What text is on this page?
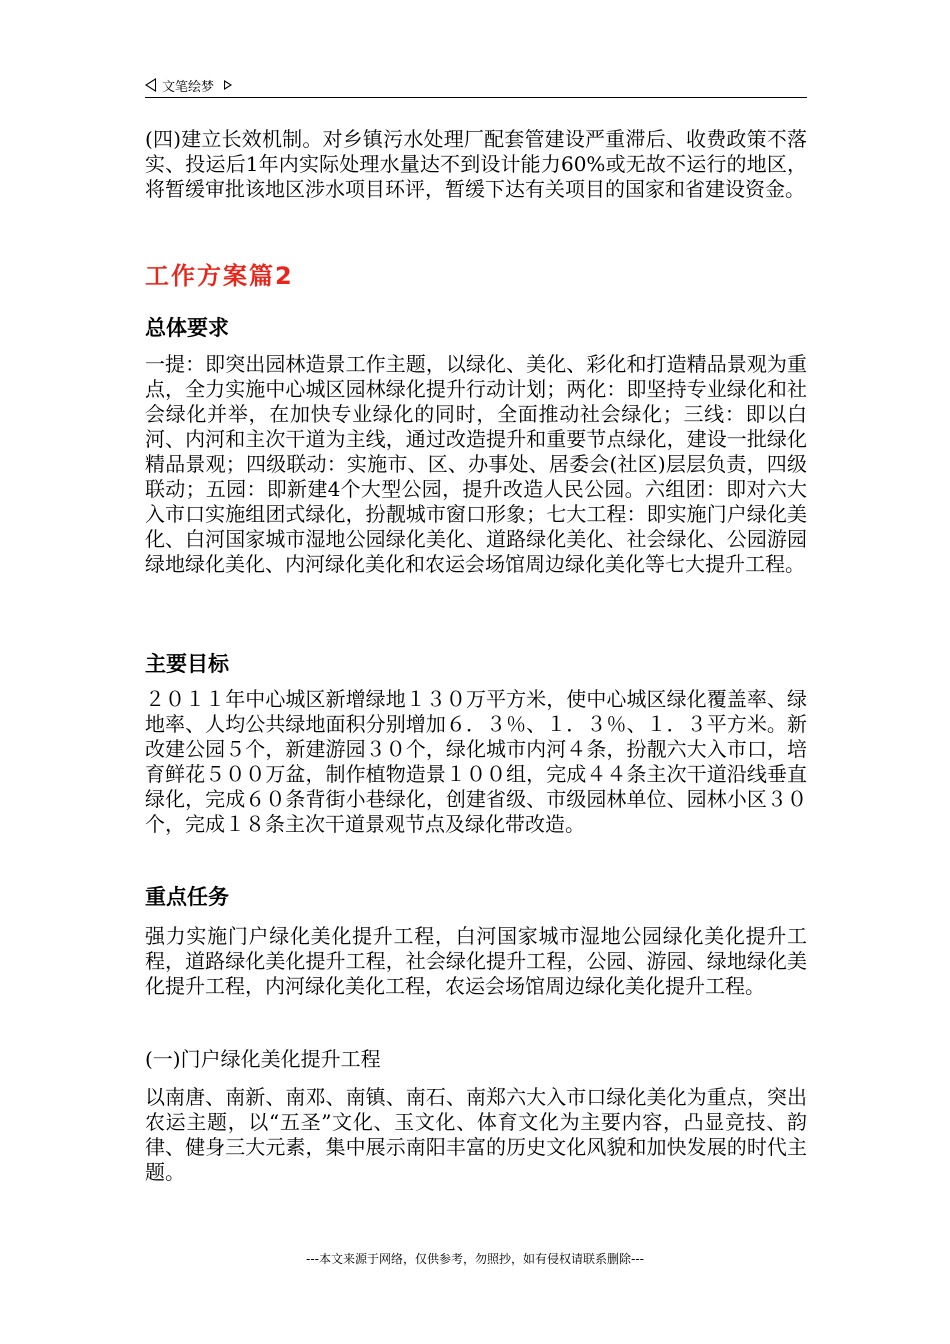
文笔绘梦

(四)建立长效机制。对乡镇污水处理厂配套管建设严重滞后、收费政策不落实、投运后1年内实际处理水量达不到设计能力60%或无故不运行的地区，将暂缓审批该地区涉水项目环评，暂缓下达有关项目的国家和省建设资金。

工作方案篇2
总体要求

一提：即突出园林造景工作主题，以绿化、美化、彩化和打造精品景观为重点，全力实施中心城区园林绿化提升行动计划；两化：即坚持专业绿化和社会绿化并举，在加快专业绿化的同时，全面推动社会绿化；三线：即以白河、内河和主次干道为主线，通过改造提升和重要节点绿化，建设一批绿化精品景观；四级联动：实施市、区、办事处、居委会(社区)层层负责，四级联动；五园：即新建4个大型公园，提升改造人民公园。六组团：即对六大入市口实施组团式绿化，扮靓城市窗口形象；七大工程：即实施门户绿化美化、白河国家城市湿地公园绿化美化、道路绿化美化、社会绿化、公园游园绿地绿化美化、内河绿化美化和农运会场馆周边绿化美化等七大提升工程。

主要目标

２０１１年中心城区新增绿地１３０万平方米，使中心城区绿化覆盖率、绿地率、人均公共绿地面积分别增加６．３％、１．３％、１．３平方米。新改建公园５个，新建游园３０个，绿化城市内河４条，扮靓六大入市口，培育鲜花５００万盆，制作植物造景１００组，完成４４条主次干道沿线垂直绿化，完成６０条背街小巷绿化，创建省级、市级园林单位、园林小区３０个，完成１８条主次干道景观节点及绿化带改造。

重点任务

强力实施门户绿化美化提升工程，白河国家城市湿地公园绿化美化提升工程，道路绿化美化提升工程，社会绿化提升工程，公园、游园、绿地绿化美化提升工程，内河绿化美化工程，农运会场馆周边绿化美化提升工程。

(一)门户绿化美化提升工程

以南唐、南新、南邓、南镇、南石、南郑六大入市口绿化美化为重点，突出农运主题，以“五圣”文化、玉文化、体育文化为主要内容，凸显竞技、韵律、健身三大元素，集中展示南阳丰富的历史文化风貌和加快发展的时代主题。

---本文来源于网络，仅供参考，勿照抄，如有侵权请联系删除---
